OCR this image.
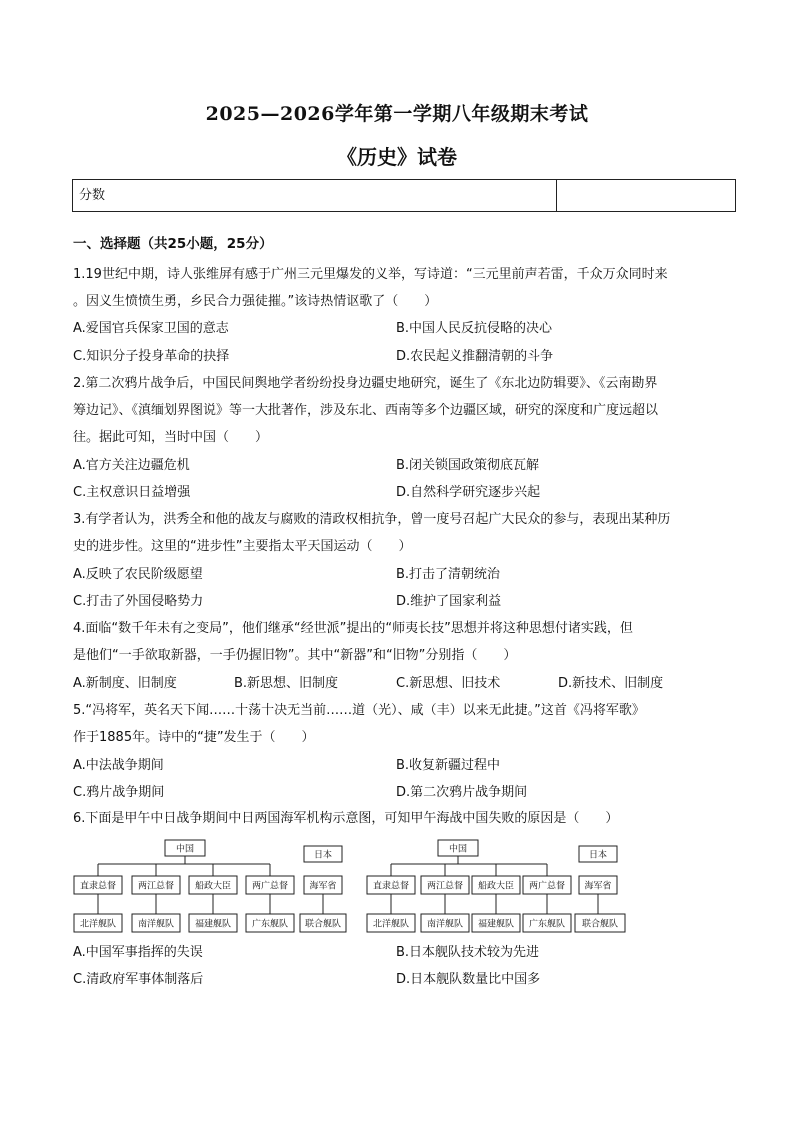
2025—2026学年第一学期八年级期末考试
《历史》试卷
分数
一、选择题（共25小题，25分）
1.19世纪中期，诗人张维屏有感于广州三元里爆发的义举，写诗道：“三元里前声若雷，千众万众同时来
。因义生愤愤生勇，乡民合力强徒摧。”该诗热情讴歌了（　　）
A.爱国官兵保家卫国的意志	B.中国人民反抗侵略的决心
C.知识分子投身革命的抉择	D.农民起义推翻清朝的斗争
2.第二次鸦片战争后，中国民间舆地学者纷纷投身边疆史地研究，诞生了《东北边防辑要》、《云南勘界
筹边记》、《滇缅划界图说》等一大批著作，涉及东北、西南等多个边疆区域，研究的深度和广度远超以
往。据此可知，当时中国（　　）
A.官方关注边疆危机	B.闭关锁国政策彻底瓦解
C.主权意识日益增强	D.自然科学研究逐步兴起
3.有学者认为，洪秀全和他的战友与腐败的清政权相抗争，曾一度号召起广大民众的参与，表现出某种历
史的进步性。这里的“进步性”主要指太平天国运动（　　）
A.反映了农民阶级愿望	B.打击了清朝统治
C.打击了外国侵略势力	D.维护了国家利益
4.面临“数千年未有之变局”，他们继承“经世派”提出的“师夷长技”思想并将这种思想付诸实践，但
是他们“一手欲取新器，一手仍握旧物”。其中“新器”和“旧物”分别指（　　）
A.新制度、旧制度	B.新思想、旧制度	C.新思想、旧技术	D.新技术、旧制度
5.“冯将军，英名天下闻……十荡十决无当前……道（光）、咸（丰）以来无此捷。”这首《冯将军歌》
作于1885年。诗中的“捷”发生于（　　）
A.中法战争期间	B.收复新疆过程中
C.鸦片战争期间	D.第二次鸦片战争期间
6.下面是甲午中日战争期间中日两国海军机构示意图，可知甲午海战中国失败的原因是（　　）
中国
直隶总督 两江总督 船政大臣 两广总督
北洋舰队 南洋舰队 福建舰队 广东舰队
日本
海军省
联合舰队
中国
直隶总督 两江总督 船政大臣 两广总督
北洋舰队 南洋舰队 福建舰队 广东舰队
日本
海军省
联合舰队
A.中国军事指挥的失误	B.日本舰队技术较为先进
C.清政府军事体制落后	D.日本舰队数量比中国多
